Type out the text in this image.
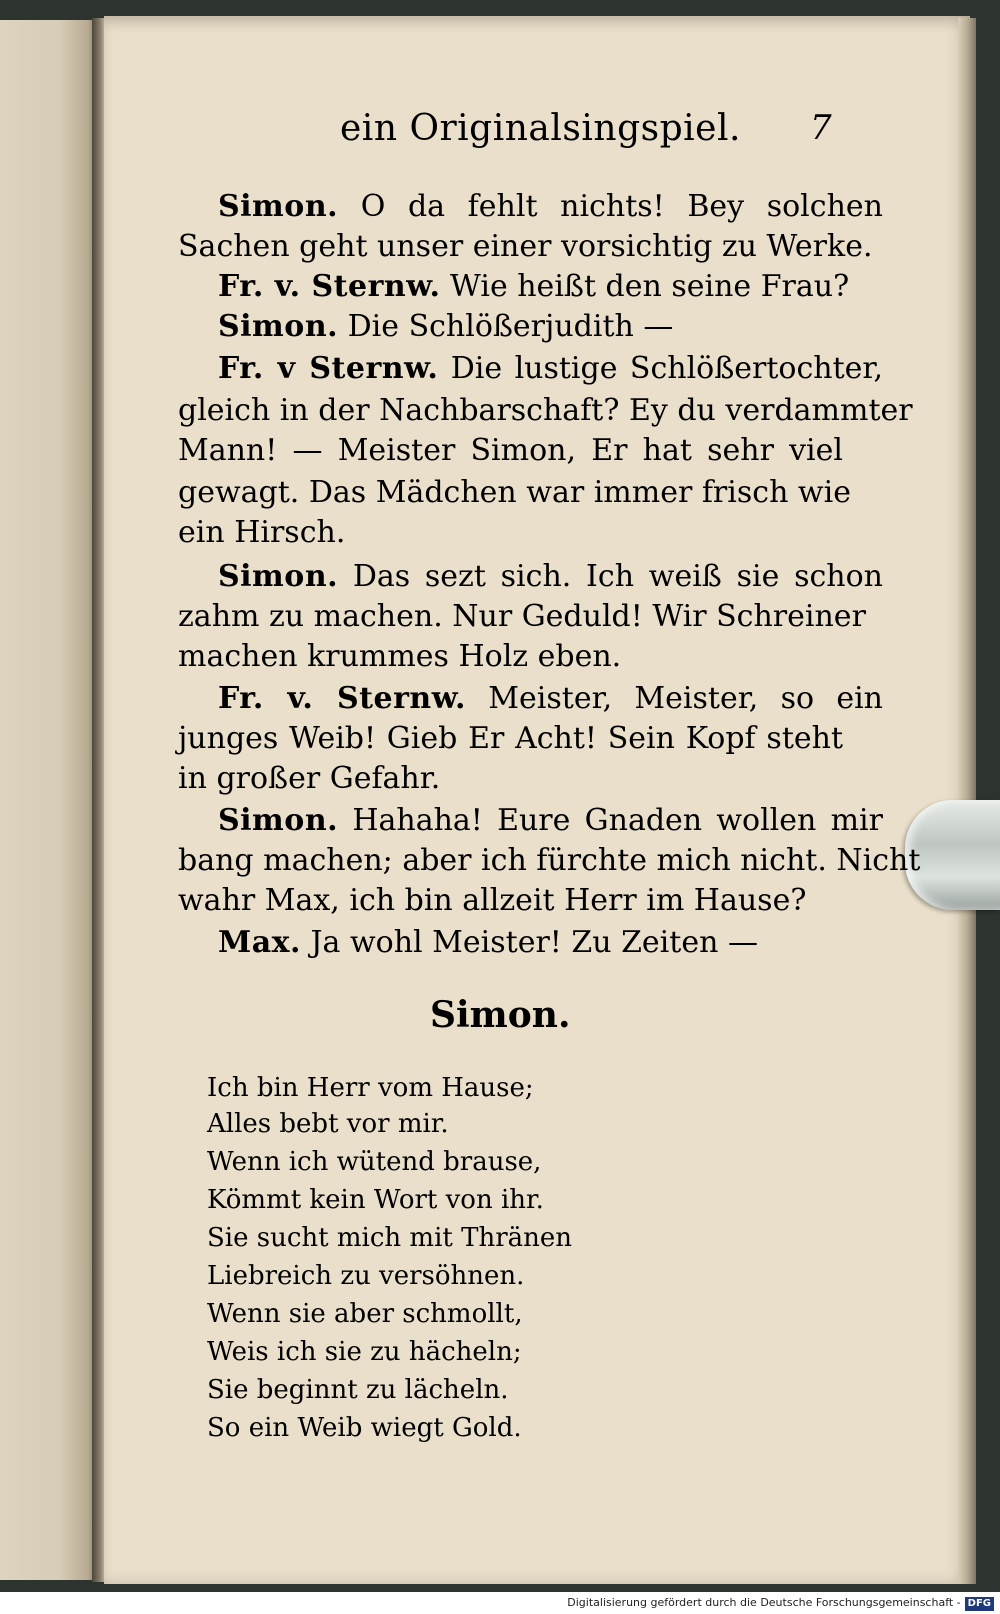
ein Originalsingspiel. 7
Simon. O da fehlt nichts! Bey solchen
Sachen geht unser einer vorsichtig zu Werke.
Fr. v. Sternw. Wie heißt den seine Frau?
Simon. Die Schlößerjudith —
Fr. v Sternw. Die lustige Schlößertochter,
gleich in der Nachbarschaft? Ey du verdammter
Mann! — Meister Simon, Er hat sehr viel
gewagt. Das Mädchen war immer frisch wie
ein Hirsch.
Simon. Das sezt sich. Ich weiß sie schon
zahm zu machen. Nur Geduld! Wir Schreiner
machen krummes Holz eben.
Fr. v. Sternw. Meister, Meister, so ein
junges Weib! Gieb Er Acht! Sein Kopf steht
in großer Gefahr.
Simon. Hahaha! Eure Gnaden wollen mir
bang machen; aber ich fürchte mich nicht. Nicht
wahr Max, ich bin allzeit Herr im Hause?
Max. Ja wohl Meister! Zu Zeiten —
Simon.
Ich bin Herr vom Hause;
Alles bebt vor mir.
Wenn ich wütend brause,
Kömmt kein Wort von ihr.
Sie sucht mich mit Thränen
Liebreich zu versöhnen.
Wenn sie aber schmollt,
Weis ich sie zu hächeln;
Sie beginnt zu lächeln.
So ein Weib wiegt Gold.
Digitalisierung gefördert durch die Deutsche Forschungsgemeinschaft - DFG
